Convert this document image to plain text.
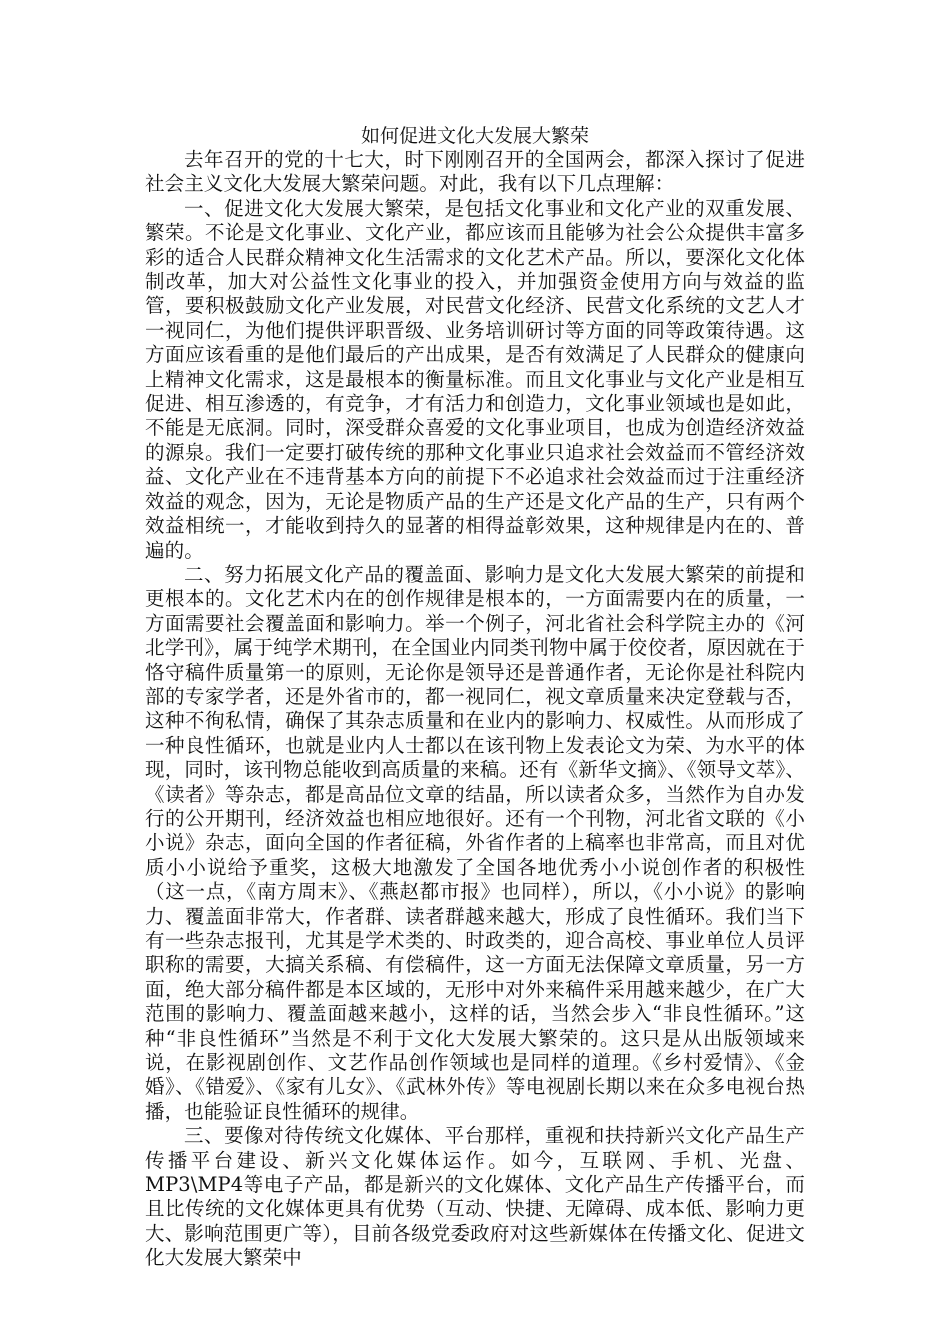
如何促进文化大发展大繁荣

去年召开的党的十七大，时下刚刚召开的全国两会，都深入探讨了促进社会主义文化大发展大繁荣问题。对此，我有以下几点理解：

一、促进文化大发展大繁荣，是包括文化事业和文化产业的双重发展、繁荣。不论是文化事业、文化产业，都应该而且能够为社会公众提供丰富多彩的适合人民群众精神文化生活需求的文化艺术产品。所以，要深化文化体制改革，加大对公益性文化事业的投入，并加强资金使用方向与效益的监管，要积极鼓励文化产业发展，对民营文化经济、民营文化系统的文艺人才一视同仁，为他们提供评职晋级、业务培训研讨等方面的同等政策待遇。这方面应该看重的是他们最后的产出成果，是否有效满足了人民群众的健康向上精神文化需求，这是最根本的衡量标准。而且文化事业与文化产业是相互促进、相互渗透的，有竞争，才有活力和创造力，文化事业领域也是如此，不能是无底洞。同时，深受群众喜爱的文化事业项目，也成为创造经济效益的源泉。我们一定要打破传统的那种文化事业只追求社会效益而不管经济效益、文化产业在不违背基本方向的前提下不必追求社会效益而过于注重经济效益的观念，因为，无论是物质产品的生产还是文化产品的生产，只有两个效益相统一，才能收到持久的显著的相得益彰效果，这种规律是内在的、普遍的。

二、努力拓展文化产品的覆盖面、影响力是文化大发展大繁荣的前提和更根本的。文化艺术内在的创作规律是根本的，一方面需要内在的质量，一方面需要社会覆盖面和影响力。举一个例子，河北省社会科学院主办的《河北学刊》，属于纯学术期刊，在全国业内同类刊物中属于佼佼者，原因就在于恪守稿件质量第一的原则，无论你是领导还是普通作者，无论你是社科院内部的专家学者，还是外省市的，都一视同仁，视文章质量来决定登载与否，这种不徇私情，确保了其杂志质量和在业内的影响力、权威性。从而形成了一种良性循环，也就是业内人士都以在该刊物上发表论文为荣、为水平的体现，同时，该刊物总能收到高质量的来稿。还有《新华文摘》、《领导文萃》、《读者》等杂志，都是高品位文章的结晶，所以读者众多，当然作为自办发行的公开期刊，经济效益也相应地很好。还有一个刊物，河北省文联的《小小说》杂志，面向全国的作者征稿，外省作者的上稿率也非常高，而且对优质小小说给予重奖，这极大地激发了全国各地优秀小小说创作者的积极性（这一点，《南方周末》、《燕赵都市报》也同样），所以，《小小说》的影响力、覆盖面非常大，作者群、读者群越来越大，形成了良性循环。我们当下有一些杂志报刊，尤其是学术类的、时政类的，迎合高校、事业单位人员评职称的需要，大搞关系稿、有偿稿件，这一方面无法保障文章质量，另一方面，绝大部分稿件都是本区域的，无形中对外来稿件采用越来越少，在广大范围的影响力、覆盖面越来越小，这样的话，当然会步入“非良性循环。”这种“非良性循环”当然是不利于文化大发展大繁荣的。这只是从出版领域来说，在影视剧创作、文艺作品创作领域也是同样的道理。《乡村爱情》、《金婚》、《错爱》、《家有儿女》、《武林外传》等电视剧长期以来在众多电视台热播，也能验证良性循环的规律。

三、要像对待传统文化媒体、平台那样，重视和扶持新兴文化产品生产传播平台建设、新兴文化媒体运作。如今，互联网、手机、光盘、MP3\MP4等电子产品，都是新兴的文化媒体、文化产品生产传播平台，而且比传统的文化媒体更具有优势（互动、快捷、无障碍、成本低、影响力更大、影响范围更广等），目前各级党委政府对这些新媒体在传播文化、促进文化大发展大繁荣中
